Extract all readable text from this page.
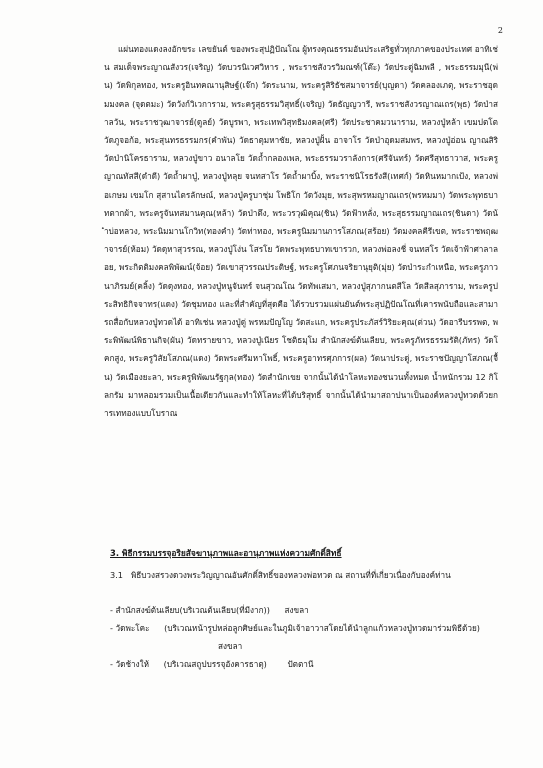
2

แผ่นทองแดงลงอักขระ เลขยันต์ ของพระสุปฏิปัณโณ ผู้ทรงคุณธรรมอันประเสริฐทั่วทุกภาคของประเทศ อาทิเช่น สมเด็จพระญาณสังวร(เจริญ) วัดบวรนิเวศวิหาร , พระราชสังวรวิมณฑ์(โต๊ะ) วัดประดู่ฉิมพลี , พระธรรมมุนี(พ่น) วัดพิกุลทอง, พระครูอินทคณานุสิษฐ์(เจ๊ก) วัดระนาม, พระครูสิริธัชสมาจารย์(บุญดา) วัดคลองเภตุ, พระราชอุดมมงคล (จุดตมะ) วัดวังก์วิเวการาม, พระครูสุธรรมวิสุทธิ์(เจริญ) วัดธัญญวารี, พระราชสังวรญาณเถร(พุธ) วัดป่าสาลวัน, พระราชวุฒาจารย์(ดูลย์) วัดบูรพา, พระเทพวิสุทธิมงคล(ศรี) วัดประชาคมวนาราม, หลวงปู่หล้า เขมปตโต วัดภูจอก้อ, พระสุนทรธรรมกร(คำพัน) วัดธาตุมหาชัย, หลวงปู่ฝั้น อาจาโร วัดป่าอุดมสมพร, หลวงปู่อ่อน ญาณสิริ วัดป่านิโครธาราม, หลวงปู่ขาว อนาลโย วัดถ้ำกลองเพล, พระธรรมวราลังการ(ศรีจันทร์) วัดศรีสุทธาวาส, พระครูญาณทัสสี(ดำดี) วัดถ้ำผาปู่, หลวงปู่หลุย จนทสาโร วัดถ้ำผาบิ้ง, พระราชนิโรธรังสี(เทศก์) วัดหินหมากเป้ง, หลวงพ่อเกษม เขมโก สุสานไตรลักษณ์, หลวงปู่ครูบาชุ่ม โพธิโก วัดวังมุย, พระสุพรหมญาณเถร(พรหมมา) วัดพระพุทธบาทตากผ้า, พระครูจันทสมานคุณ(หล้า) วัดป่าตึง, พระวรวุฒิคุณ(ชิน) วัดฟ้าหลั่ง, พระสุธรรมญาณเถร(ชินดา) วัดน้ำบ่อหลวง, พระนิมมานโกวิท(ทองคำ) วัดท่าทอง, พระครูนิมมานการโสภณ(สร้อย) วัดมงคลคีรีเขต, พระราชพฤฒาจารย์(ห้อม) วัดดุหาสุวรรณ, หลวงปู่โง่น โสรโย วัดพระพุทธบาทเขารวก, หลวงพ่อลงชี่ จนทสโร วัดเจ้าฟ้าศาลาลอย, พระกิตติมงคลพิพัฒน์(จ้อย) วัดเขาสุวรรณประดิษฐ์, พระครูโศภนจริยานุยุติ(มุ่ย) วัดป่าระกำเหนือ, พระครูภาวนาภิรมย์(คลิ้ง) วัดดุงทอง, หลวงปู่หนูจันทร์ จนสุวณโณ วัดทัพเสมา, หลวงปู่สุภากนตสีโล วัดสีลสุภาราม, พระครูประสิทธิกิจจาทร(แดง) วัดชุมทอง และที่สำคัญที่สุดคือ ได้รวบรวมแผ่นยันต์พระสุปฏิปัณโณที่เคารพนับถือและสามารถสื่อกับหลวงปู่ทวดได้ อาทิเช่น หลวงปู่ดู่ พรหมปัญโญ วัดสะแก, พระครูประภัสร์วิริยะคุณ(ต่วน) วัดอารีบรรพต, พระพิพัฒน์พิธานกิจ(ผัน) วัดทรายขาว, หลวงปู่เนียร โชติธมฺโม สำนักสงฆ์ต้นเลียบ, พระครูภัทรธรรมรัติ(ภัทร) วัดโคกสูง, พระครูวิสัยโสภณ(แดง) วัดพระศรีมหาโพธิ์, พระครูอาทรศุภการ(ผล) วัดนาประดู่, พระราชปัญญาโสภณ(จื้น) วัดเมืองยะลา, พระครูพิพัฒนรัฐกุล(ทอง) วัดสำนักเขย จากนั้นได้นำโลหะทองชนวนทั้งหมด น้ำหนักรวม 12 กิโลกรัม มาหลอมรวมเป็นเนื้อเดียวกันและทำให้โลหะที่ได้บริสุทธิ์ จากนั้นได้นำมาสถาปนาเป็นองค์หลวงปู่ทวดด้วยการเททองแบบโบราณ

3. พิธีกรรมบรรจุอริยสัจฆานุภาพและอานุภาพแห่งความศักดิ์สิทธิ์

3.1 พิธีบวงสรวงดวงพระวิญญาณอันศักดิ์สิทธิ์ของหลวงพ่อทวด ณ สถานที่ที่เกี่ยวเนื่องกับองค์ท่าน

- สำนักสงฆ์ต้นเลียบ(บริเวณต้นเลียบ(ที่มีงาก)) สงขลา
- วัดพะโคะ (บริเวณหน้ารูปหล่อลูกศิษย์และในภูมิเจ้าอาวาสโดยได้นำลูกแก้วหลวงปู่ทวดมาร่วมพิธีด้วย)
สงขลา
- วัดช้างให้ (บริเวณสถูปบรรจุอังคารธาตุ)	ปัตตานี
